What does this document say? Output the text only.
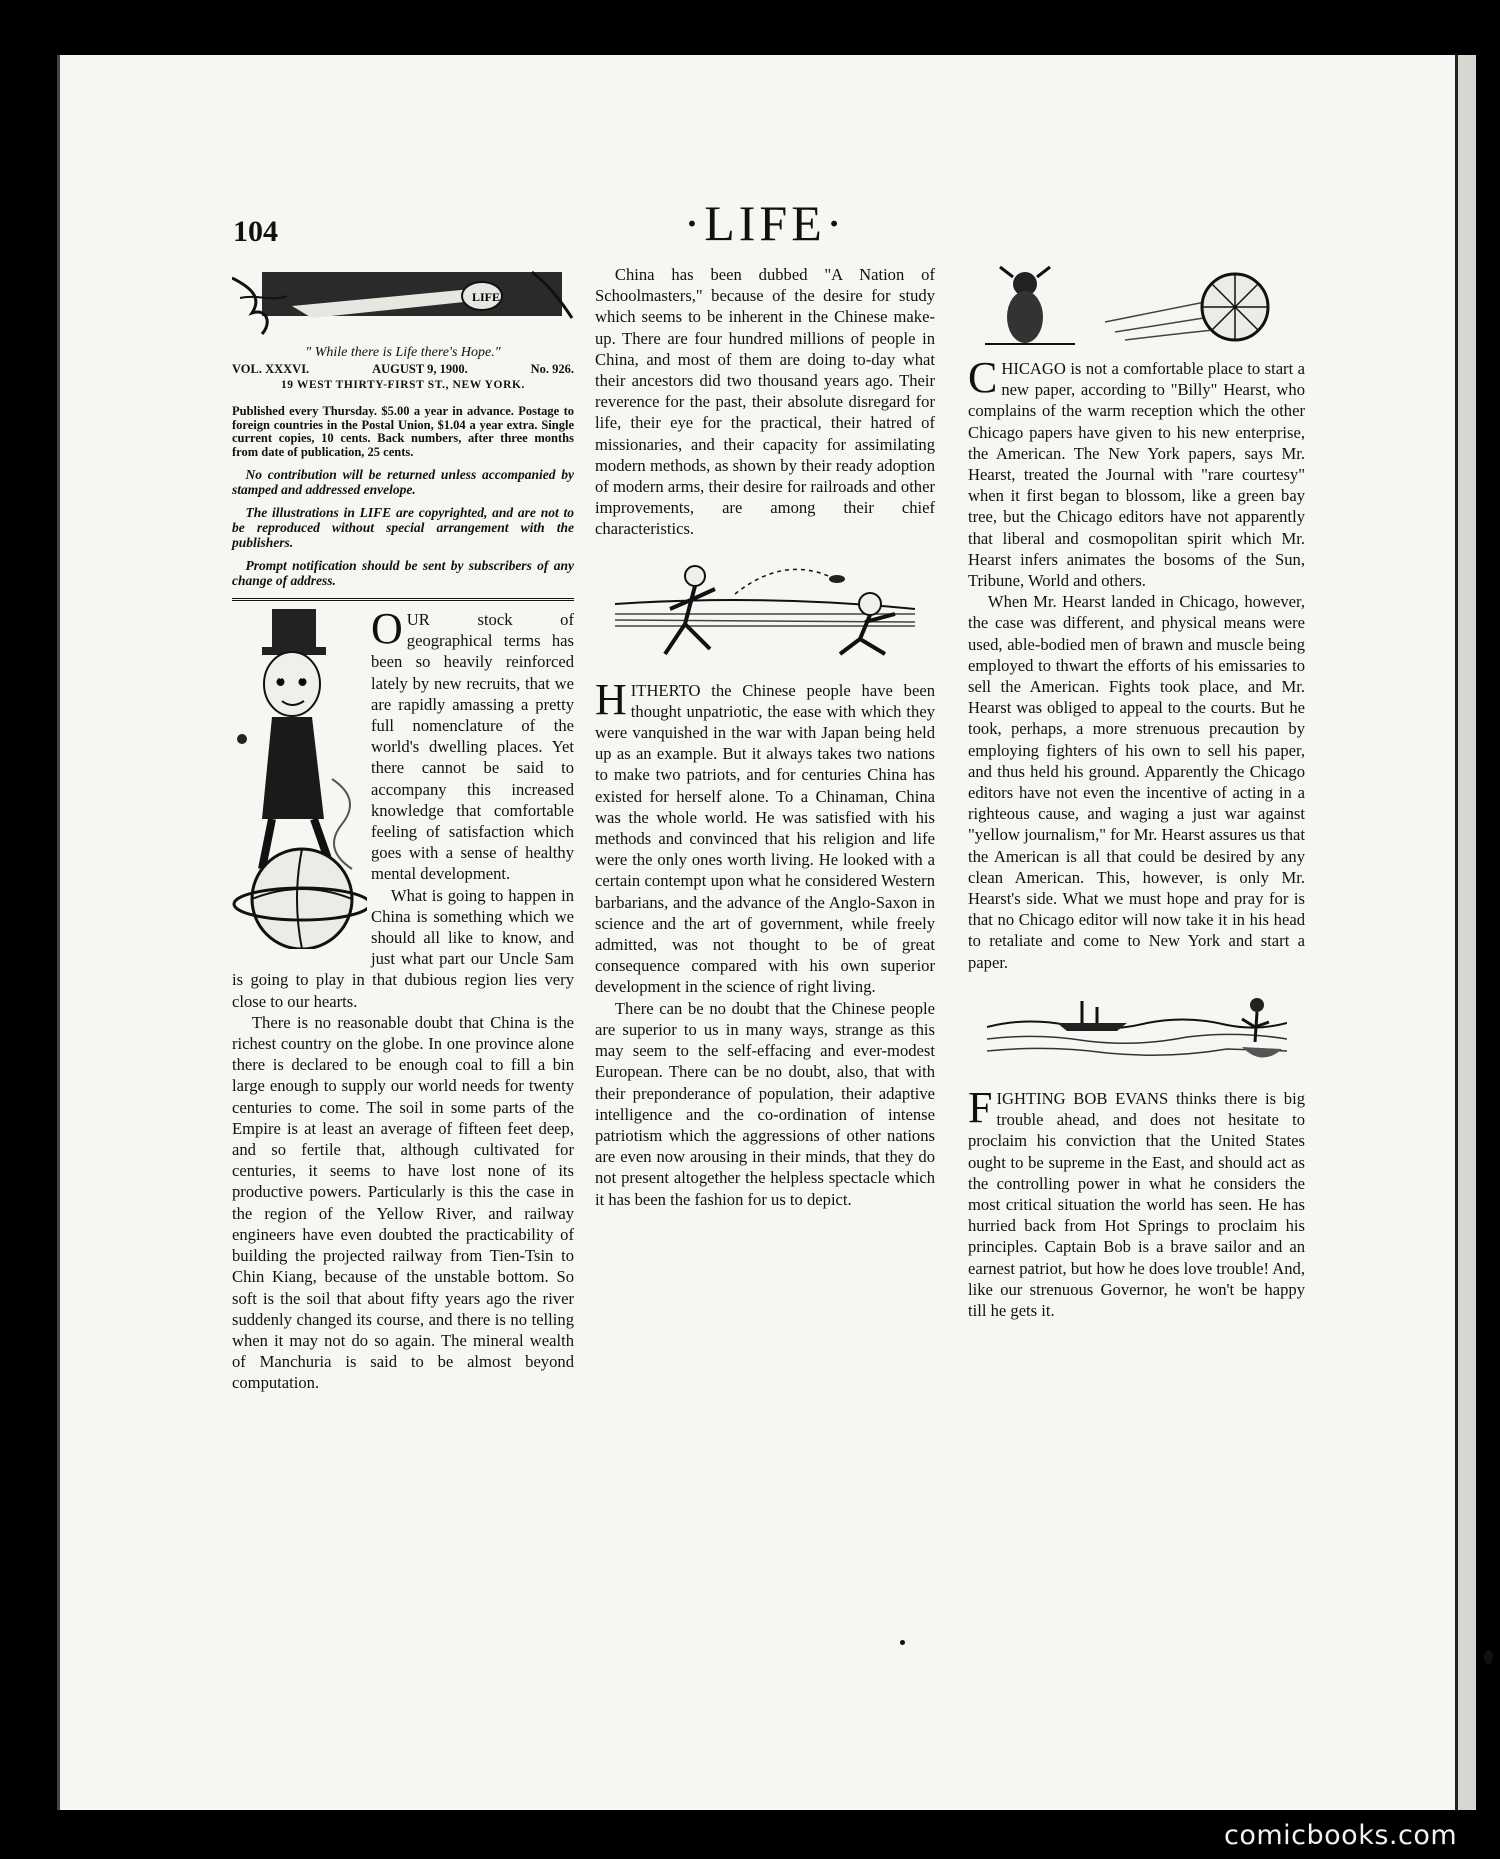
104	·LIFE·
LIFE
" While there is Life there's Hope."
VOL. XXXVI.	AUGUST 9, 1900.	No. 926.
19 WEST THIRTY-FIRST ST., NEW YORK.
Published every Thursday. $5.00 a year in advance. Postage to foreign countries in the Postal Union, $1.04 a year extra. Single current copies, 10 cents. Back numbers, after three months from date of publication, 25 cents.
No contribution will be returned unless accompanied by stamped and addressed envelope.
The illustrations in LIFE are copyrighted, and are not to be reproduced without special arrangement with the publishers.
Prompt notification should be sent by subscribers of any change of address.

OUR stock of geographical terms has been so heavily reinforced lately by new recruits, that we are rapidly amassing a pretty full nomenclature of the world's dwelling places. Yet there cannot be said to accompany this increased knowledge that comfortable feeling of satisfaction which goes with a sense of healthy mental development.

What is going to happen in China is something which we should all like to know, and just what part our Uncle Sam is going to play in that dubious region lies very close to our hearts.

There is no reasonable doubt that China is the richest country on the globe. In one province alone there is declared to be enough coal to fill a bin large enough to supply our world needs for twenty centuries to come. The soil in some parts of the Empire is at least an average of fifteen feet deep, and so fertile that, although cultivated for centuries, it seems to have lost none of its productive powers. Particularly is this the case in the region of the Yellow River, and railway engineers have even doubted the practicability of building the projected railway from Tien-Tsin to Chin Kiang, because of the unstable bottom. So soft is the soil that about fifty years ago the river suddenly changed its course, and there is no telling when it may not do so again. The mineral wealth of Manchuria is said to be almost beyond computation.

China has been dubbed "A Nation of Schoolmasters," because of the desire for study which seems to be inherent in the Chinese make-up. There are four hundred millions of people in China, and most of them are doing to-day what their ancestors did two thousand years ago. Their reverence for the past, their absolute disregard for life, their eye for the practical, their hatred of missionaries, and their capacity for assimilating modern methods, as shown by their ready adoption of modern arms, their desire for railroads and other improvements, are among their chief characteristics.

HITHERTO the Chinese people have been thought unpatriotic, the ease with which they were vanquished in the war with Japan being held up as an example. But it always takes two nations to make two patriots, and for centuries China has existed for herself alone. To a Chinaman, China was the whole world. He was satisfied with his methods and convinced that his religion and life were the only ones worth living. He looked with a certain contempt upon what he considered Western barbarians, and the advance of the Anglo-Saxon in science and the art of government, while freely admitted, was not thought to be of great consequence compared with his own superior development in the science of right living.

There can be no doubt that the Chinese people are superior to us in many ways, strange as this may seem to the self-effacing and ever-modest European. There can be no doubt, also, that with their preponderance of population, their adaptive intelligence and the co-ordination of intense patriotism which the aggressions of other nations are even now arousing in their minds, that they do not present altogether the helpless spectacle which it has been the fashion for us to depict.

CHICAGO is not a comfortable place to start a new paper, according to "Billy" Hearst, who complains of the warm reception which the other Chicago papers have given to his new enterprise, the American. The New York papers, says Mr. Hearst, treated the Journal with "rare courtesy" when it first began to blossom, like a green bay tree, but the Chicago editors have not apparently that liberal and cosmopolitan spirit which Mr. Hearst infers animates the bosoms of the Sun, Tribune, World and others.

When Mr. Hearst landed in Chicago, however, the case was different, and physical means were used, able-bodied men of brawn and muscle being employed to thwart the efforts of his emissaries to sell the American. Fights took place, and Mr. Hearst was obliged to appeal to the courts. But he took, perhaps, a more strenuous precaution by employing fighters of his own to sell his paper, and thus held his ground. Apparently the Chicago editors have not even the incentive of acting in a righteous cause, and waging a just war against "yellow journalism," for Mr. Hearst assures us that the American is all that could be desired by any clean American. This, however, is only Mr. Hearst's side. What we must hope and pray for is that no Chicago editor will now take it in his head to retaliate and come to New York and start a paper.

FIGHTING BOB EVANS thinks there is big trouble ahead, and does not hesitate to proclaim his conviction that the United States ought to be supreme in the East, and should act as the controlling power in what he considers the most critical situation the world has seen. He has hurried back from Hot Springs to proclaim his principles. Captain Bob is a brave sailor and an earnest patriot, but how he does love trouble! And, like our strenuous Governor, he won't be happy till he gets it.

comicbooks.com
